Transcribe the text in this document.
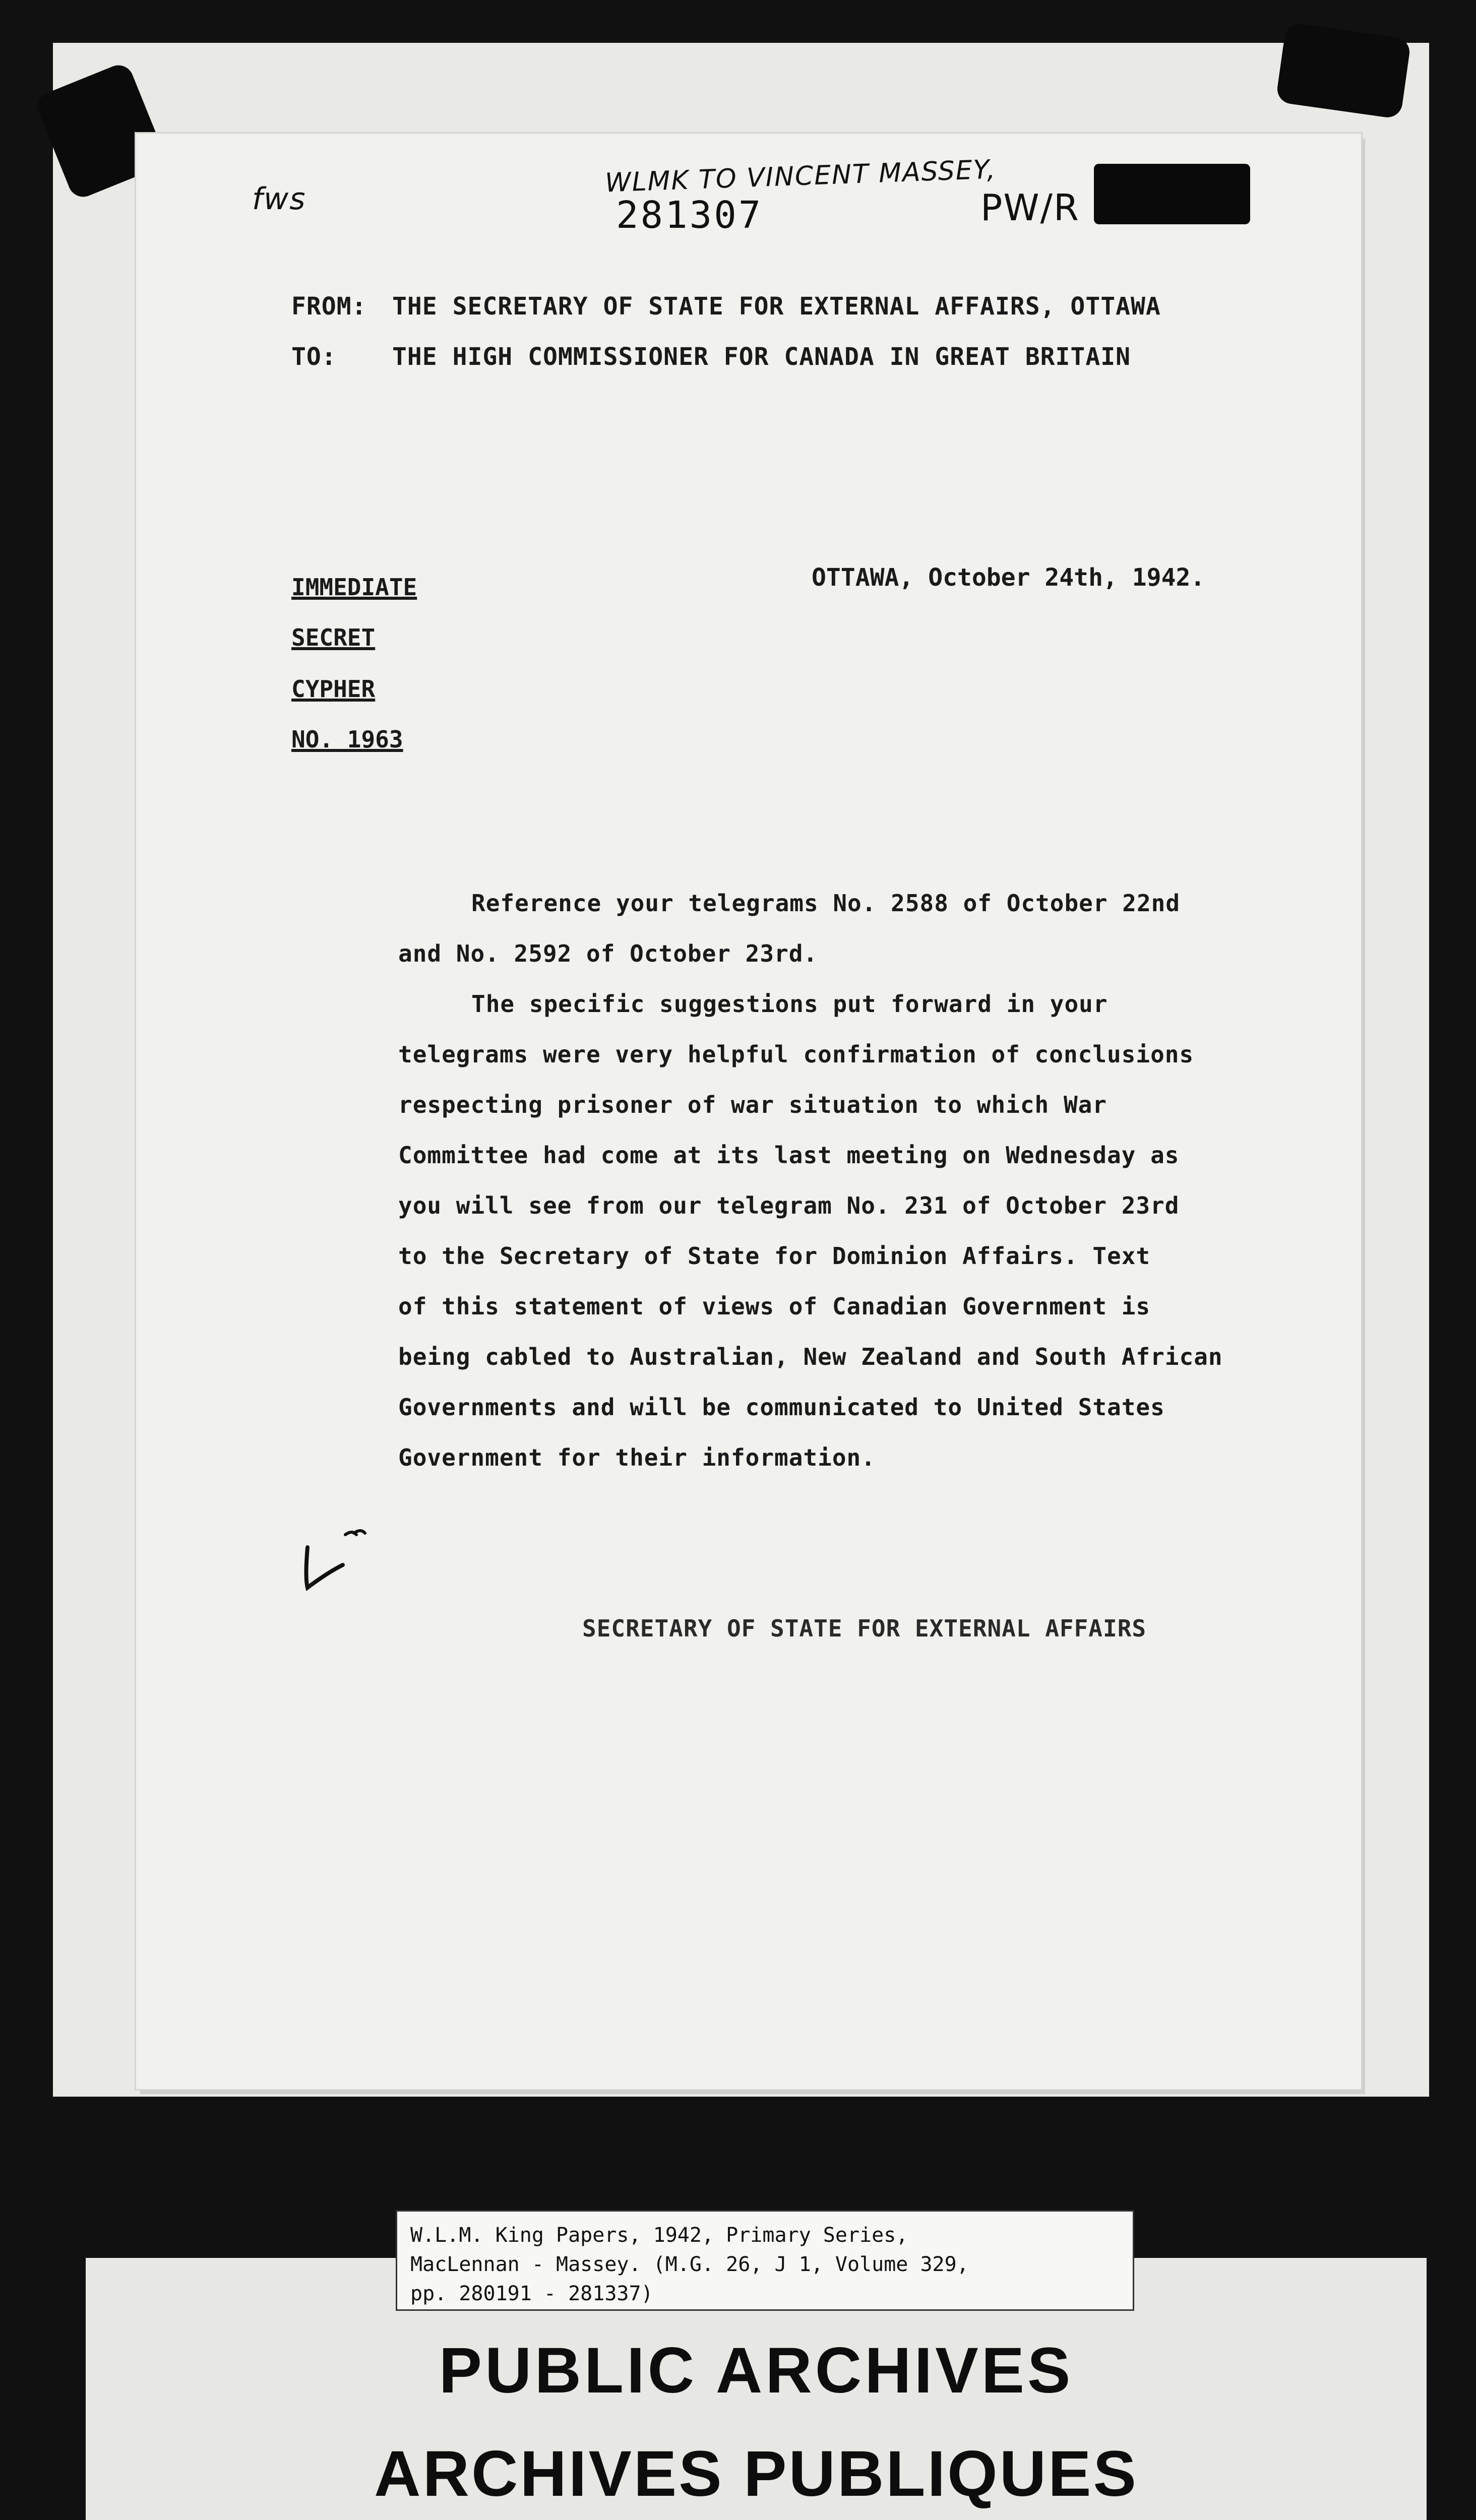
fws
WLMK TO VINCENT MASSEY,
281307	PW/R
FROM: THE SECRETARY OF STATE FOR EXTERNAL AFFAIRS, OTTAWA
TO: THE HIGH COMMISSIONER FOR CANADA IN GREAT BRITAIN
IMMEDIATE	OTTAWA, October 24th, 1942.
SECRET
CYPHER
NO. 1963
Reference your telegrams No. 2588 of October 22nd
and No. 2592 of October 23rd.
The specific suggestions put forward in your
telegrams were very helpful confirmation of conclusions
respecting prisoner of war situation to which War
Committee had come at its last meeting on Wednesday as
you will see from our telegram No. 231 of October 23rd
to the Secretary of State for Dominion Affairs. Text
of this statement of views of Canadian Government is
being cabled to Australian, New Zealand and South African
Governments and will be communicated to United States
Government for their information.
SECRETARY OF STATE FOR EXTERNAL AFFAIRS
PUBLIC ARCHIVES
ARCHIVES PUBLIQUES
W.L.M. King Papers, 1942, Primary Series,
MacLennan - Massey. (M.G. 26, J 1, Volume 329,
pp. 280191 - 281337)
